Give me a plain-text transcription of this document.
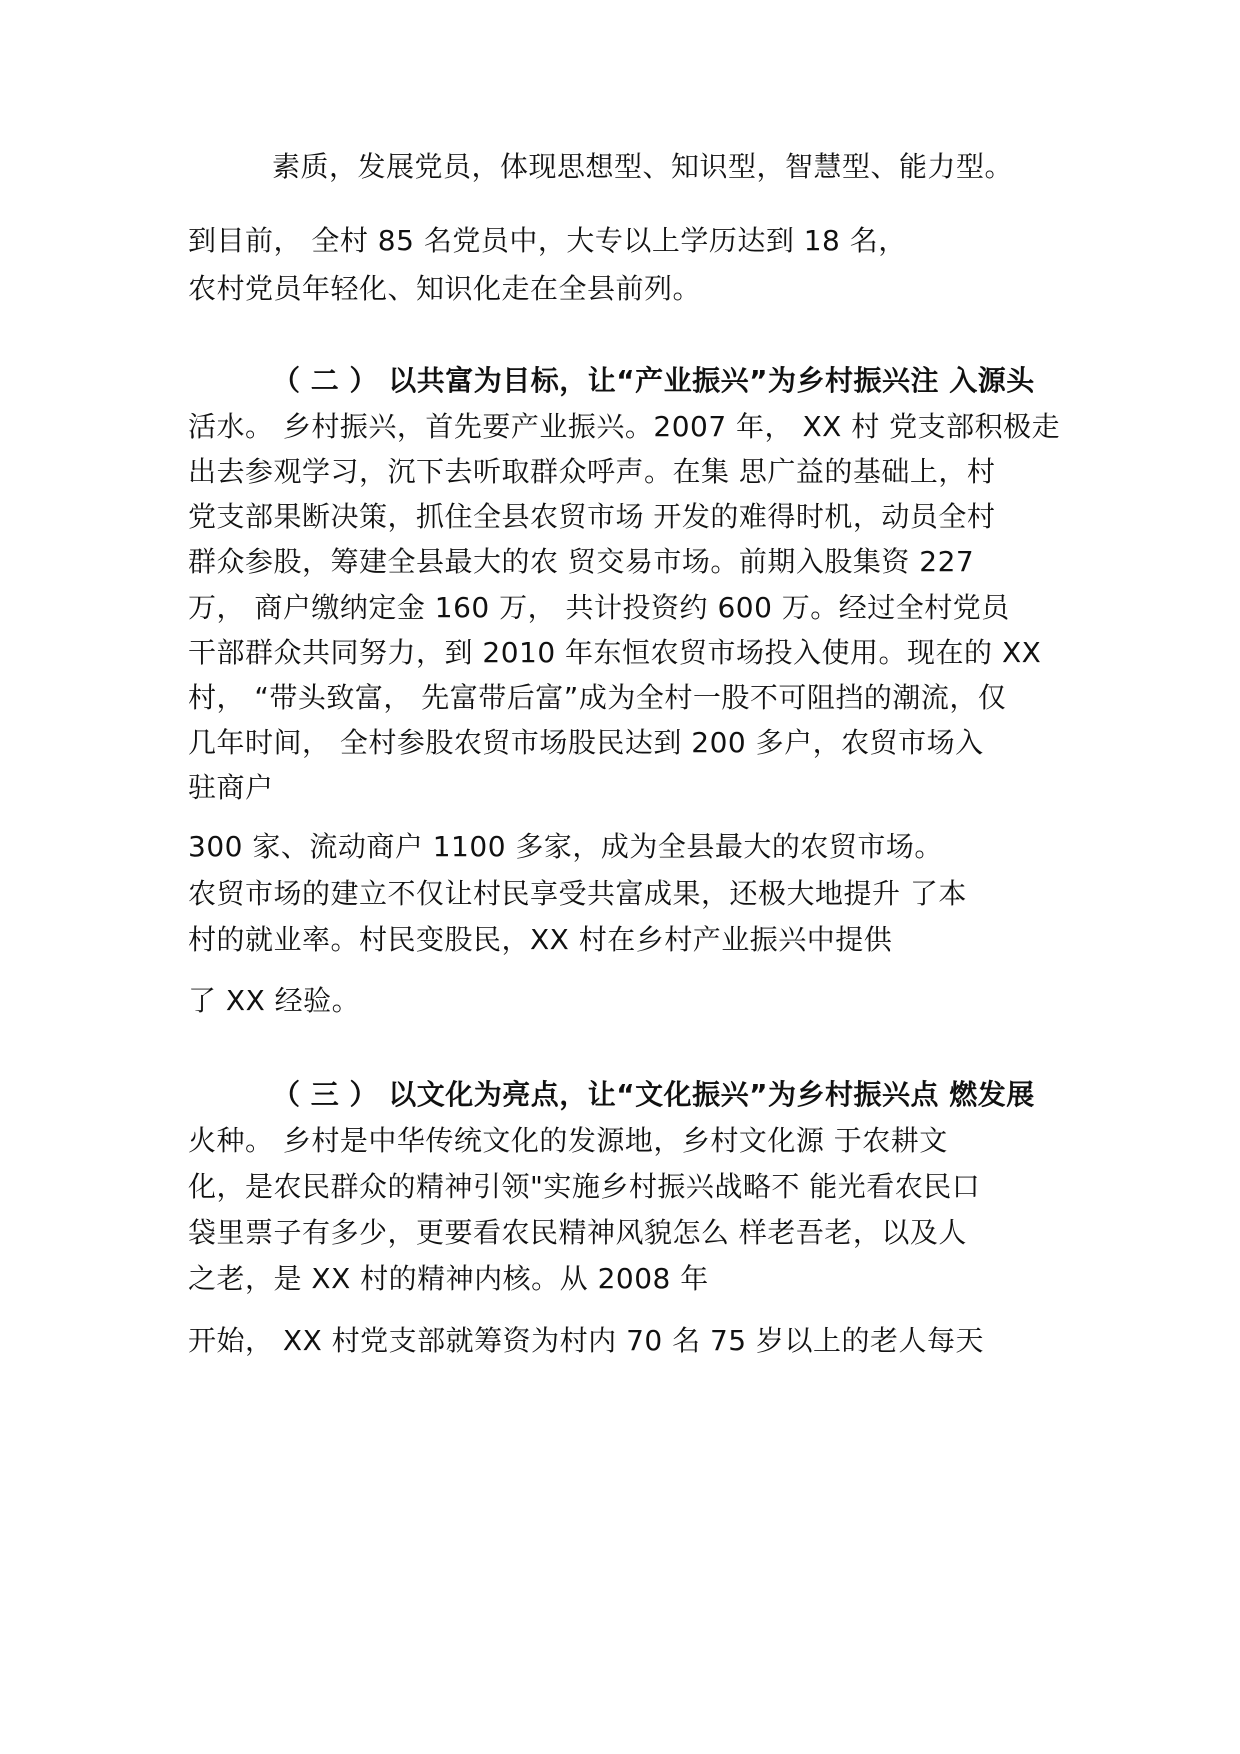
素质，发展党员，体现思想型、知识型，智慧型、能力型。
到目前， 全村 85 名党员中，大专以上学历达到 18 名，
农村党员年轻化、知识化走在全县前列。
（ 二 ） 以共富为目标，让“产业振兴”为乡村振兴注 入源头
活水。 乡村振兴，首先要产业振兴。2007 年， XX 村 党支部积极走
出去参观学习，沉下去听取群众呼声。在集 思广益的基础上，村
党支部果断决策，抓住全县农贸市场 开发的难得时机，动员全村
群众参股，筹建全县最大的农 贸交易市场。前期入股集资 227
万， 商户缴纳定金 160 万， 共计投资约 600 万。经过全村党员
干部群众共同努力，到 2010 年东恒农贸市场投入使用。现在的 XX
村， “带头致富， 先富带后富”成为全村一股不可阻挡的潮流，仅
几年时间， 全村参股农贸市场股民达到 200 多户，农贸市场入
驻商户
300 家、流动商户 1100 多家，成为全县最大的农贸市场。
农贸市场的建立不仅让村民享受共富成果，还极大地提升 了本
村的就业率。村民变股民，XX 村在乡村产业振兴中提供
了 XX 经验。
（ 三 ） 以文化为亮点，让“文化振兴”为乡村振兴点 燃发展
火种。 乡村是中华传统文化的发源地，乡村文化源 于农耕文
化，是农民群众的精神引领"实施乡村振兴战略不 能光看农民口
袋里票子有多少，更要看农民精神风貌怎么 样老吾老，以及人
之老，是 XX 村的精神内核。从 2008 年
开始， XX 村党支部就筹资为村内 70 名 75 岁以上的老人每天
